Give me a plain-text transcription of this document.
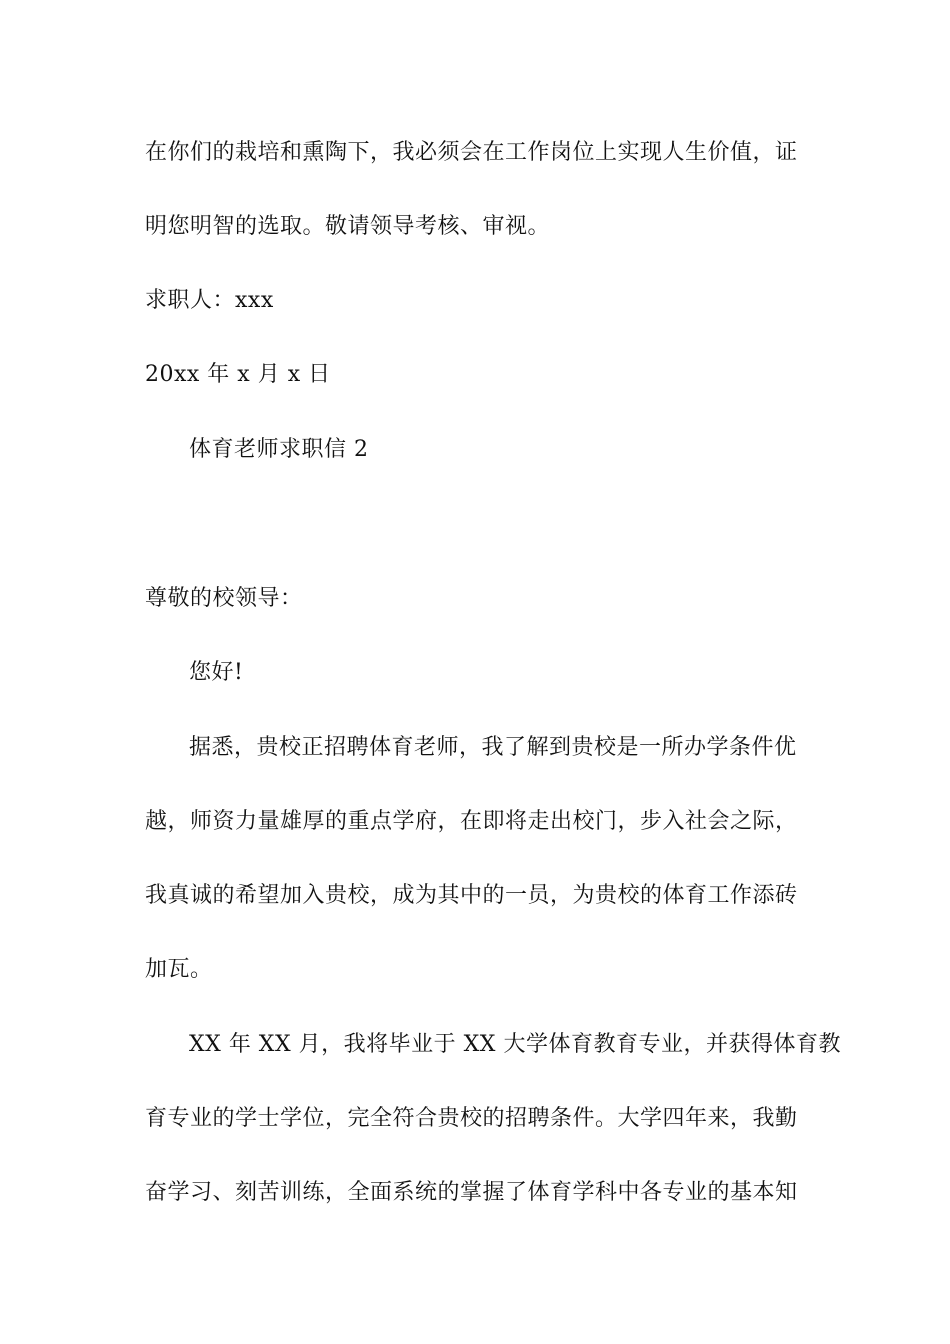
在你们的栽培和熏陶下，我必须会在工作岗位上实现人生价值，证
明您明智的选取。敬请领导考核、审视。
求职人：xxx
20xx 年 x 月 x 日
体育老师求职信 2
尊敬的校领导：
您好!
据悉，贵校正招聘体育老师，我了解到贵校是一所办学条件优
越，师资力量雄厚的重点学府，在即将走出校门，步入社会之际，
我真诚的希望加入贵校，成为其中的一员，为贵校的体育工作添砖
加瓦。
XX 年 XX 月，我将毕业于 XX 大学体育教育专业，并获得体育教
育专业的学士学位，完全符合贵校的招聘条件。大学四年来，我勤
奋学习、刻苦训练，全面系统的掌握了体育学科中各专业的基本知
